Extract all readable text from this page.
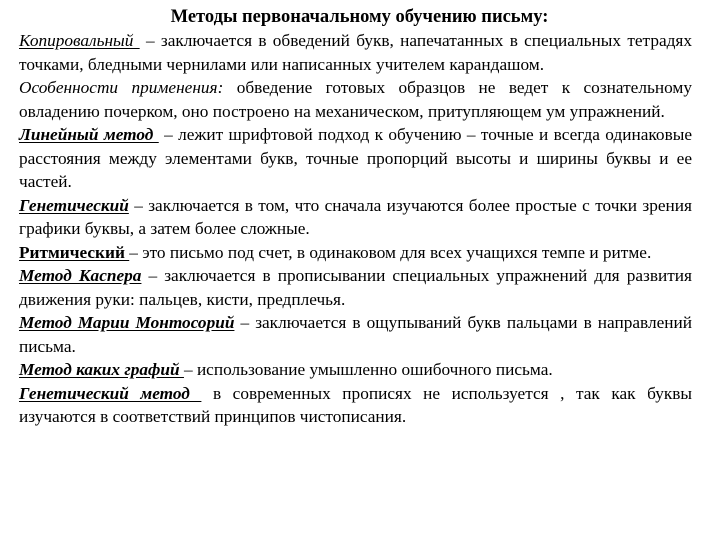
Методы первоначальному обучению письму:

Копировальный  – заключается в обведений букв, напечатанных в специальных тетрадях точками, бледными чернилами или написанных учителем карандашом.

Особенности применения: обведение готовых образцов не ведет к сознательному овладению почерком, оно построено на механическом, притупляющем ум упражнений.

Линейный метод  – лежит шрифтовой подход к обучению – точные и всегда одинаковые расстояния между элементами букв, точные пропорций высоты и ширины буквы и ее частей.

Генетический – заключается в том, что сначала изучаются более простые с точки зрения графики буквы, а затем более сложные.

Ритмический – это письмо под счет, в одинаковом для всех учащихся темпе и ритме.

Метод Каспера – заключается в прописывании специальных упражнений для развития движения руки: пальцев, кисти, предплечья.

Метод Марии Монтосорий – заключается в ощупываний букв пальцами в направлений письма.

Метод каких графий – использование умышленно ошибочного письма.

Генетический метод  в современных прописях не используется , так как буквы изучаются в соответствий принципов чистописания.
